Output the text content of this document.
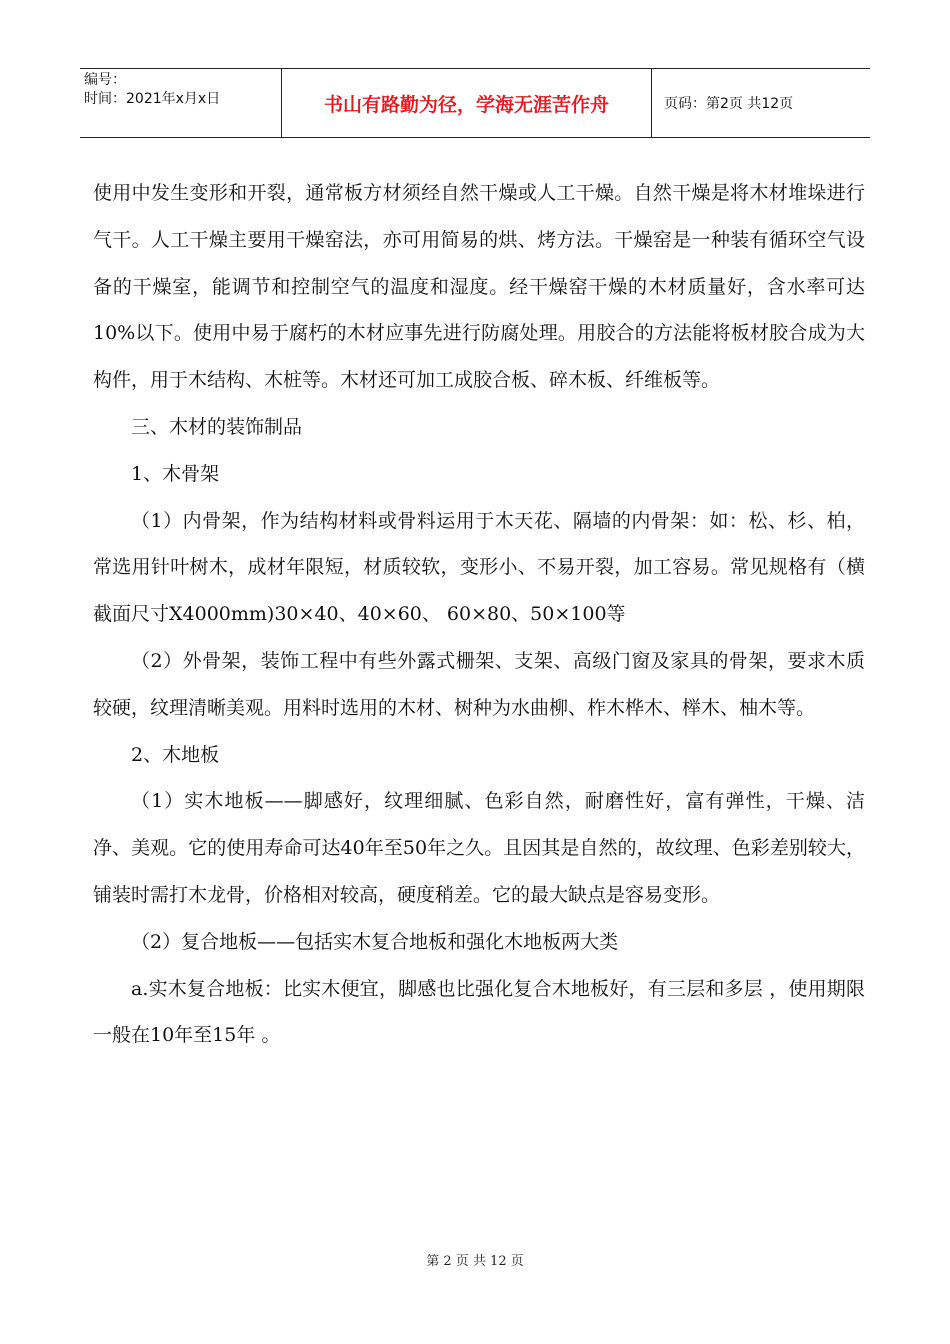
编号：
时间：2021年x月x日	书山有路勤为径，学海无涯苦作舟	页码：第2页 共12页

使用中发生变形和开裂，通常板方材须经自然干燥或人工干燥。自然干燥是将木材堆垛进行气干。人工干燥主要用干燥窑法，亦可用简易的烘、烤方法。干燥窑是一种装有循环空气设备的干燥室，能调节和控制空气的温度和湿度。经干燥窑干燥的木材质量好，含水率可达10%以下。使用中易于腐朽的木材应事先进行防腐处理。用胶合的方法能将板材胶合成为大构件，用于木结构、木桩等。木材还可加工成胶合板、碎木板、纤维板等。

三、木材的装饰制品

1、木骨架

（1）内骨架，作为结构材料或骨料运用于木天花、隔墙的内骨架：如：松、杉、柏，常选用针叶树木，成材年限短，材质较软，变形小、不易开裂，加工容易。常见规格有（横截面尺寸X4000mm)30×40、40×60、 60×80、50×100等

（2）外骨架，装饰工程中有些外露式栅架、支架、高级门窗及家具的骨架，要求木质较硬，纹理清晰美观。用料时选用的木材、树种为水曲柳、柞木桦木、榉木、柚木等。

2、木地板

（1）实木地板——脚感好，纹理细腻、色彩自然，耐磨性好，富有弹性，干燥、洁净、美观。它的使用寿命可达40年至50年之久。且因其是自然的，故纹理、色彩差别较大，铺装时需打木龙骨，价格相对较高，硬度稍差。它的最大缺点是容易变形。

（2）复合地板——包括实木复合地板和强化木地板两大类

a.实木复合地板：比实木便宜，脚感也比强化复合木地板好，有三层和多层 ，使用期限一般在10年至15年 。

第 2 页 共 12 页
